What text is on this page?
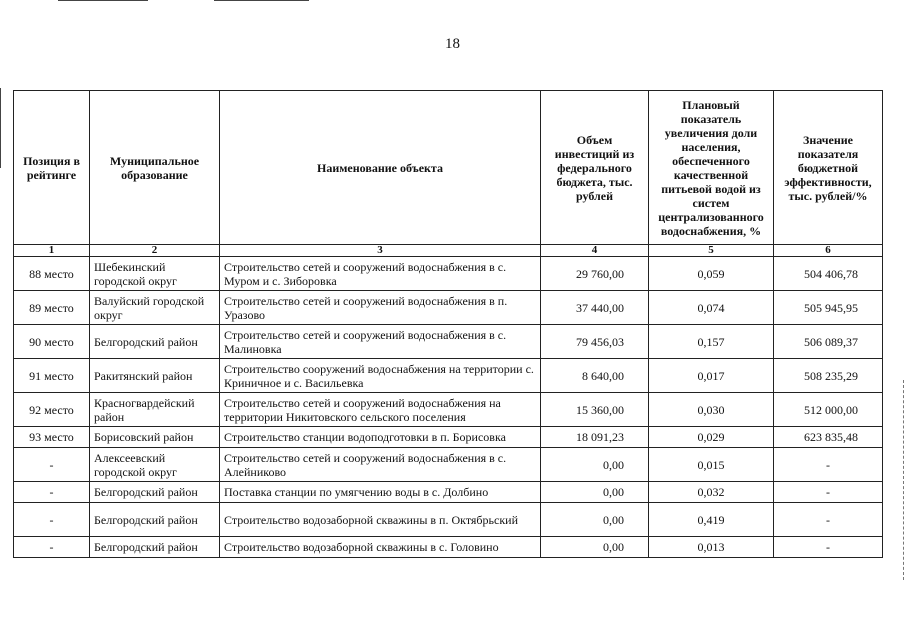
18
Позиция в рейтинге	Муниципальное образование	Наименование объекта	Объем инвестиций из федерального бюджета, тыс. рублей	Плановый показатель увеличения доли населения, обеспеченного качественной питьевой водой из систем централизованного водоснабжения, %	Значение показателя бюджетной эффективности, тыс. рублей/%
1	2	3	4	5	6
88 место	Шебекинский городской округ	Строительство сетей и сооружений водоснабжения в с. Муром и с. Зиборовка	29 760,00	0,059	504 406,78
89 место	Валуйский городской округ	Строительство сетей и сооружений водоснабжения в п. Уразово	37 440,00	0,074	505 945,95
90 место	Белгородский район	Строительство сетей и сооружений водоснабжения в с. Малиновка	79 456,03	0,157	506 089,37
91 место	Ракитянский район	Строительство сооружений водоснабжения на территории с. Криничное и с. Васильевка	8 640,00	0,017	508 235,29
92 место	Красногвардейский район	Строительство сетей и сооружений водоснабжения на территории Никитовского сельского поселения	15 360,00	0,030	512 000,00
93 место	Борисовский район	Строительство станции водоподготовки в п. Борисовка	18 091,23	0,029	623 835,48
-	Алексеевский городской округ	Строительство сетей и сооружений водоснабжения в с. Алейниково	0,00	0,015	-
-	Белгородский район	Поставка станции по умягчению воды в с. Долбино	0,00	0,032	-
-	Белгородский район	Строительство водозаборной скважины в п. Октябрьский	0,00	0,419	-
-	Белгородский район	Строительство водозаборной скважины в с. Головино	0,00	0,013	-
